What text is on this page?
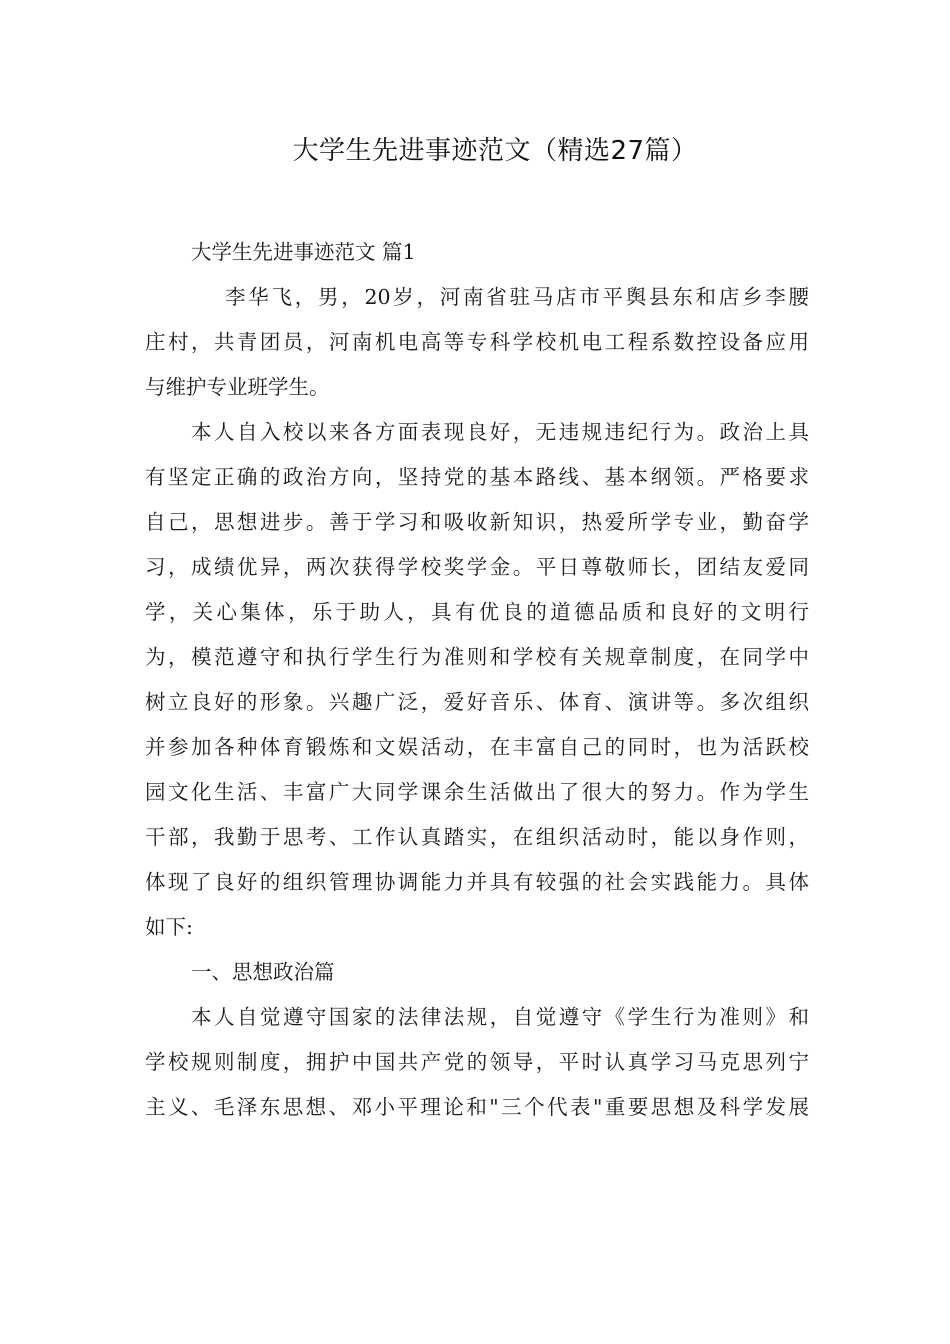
大学生先进事迹范文（精选27篇）
大学生先进事迹范文 篇1
李华飞，男，20岁，河南省驻马店市平舆县东和店乡李腰
庄村，共青团员，河南机电高等专科学校机电工程系数控设备应用
与维护专业班学生。
本人自入校以来各方面表现良好，无违规违纪行为。政治上具
有坚定正确的政治方向，坚持党的基本路线、基本纲领。严格要求
自己，思想进步。善于学习和吸收新知识，热爱所学专业，勤奋学
习，成绩优异，两次获得学校奖学金。平日尊敬师长，团结友爱同
学，关心集体，乐于助人，具有优良的道德品质和良好的文明行
为，模范遵守和执行学生行为准则和学校有关规章制度，在同学中
树立良好的形象。兴趣广泛，爱好音乐、体育、演讲等。多次组织
并参加各种体育锻炼和文娱活动，在丰富自己的同时，也为活跃校
园文化生活、丰富广大同学课余生活做出了很大的努力。作为学生
干部，我勤于思考、工作认真踏实，在组织活动时，能以身作则，
体现了良好的组织管理协调能力并具有较强的社会实践能力。具体
如下:
一、思想政治篇
本人自觉遵守国家的法律法规，自觉遵守《学生行为准则》和
学校规则制度，拥护中国共产党的领导，平时认真学习马克思列宁
主义、毛泽东思想、邓小平理论和"三个代表"重要思想及科学发展
